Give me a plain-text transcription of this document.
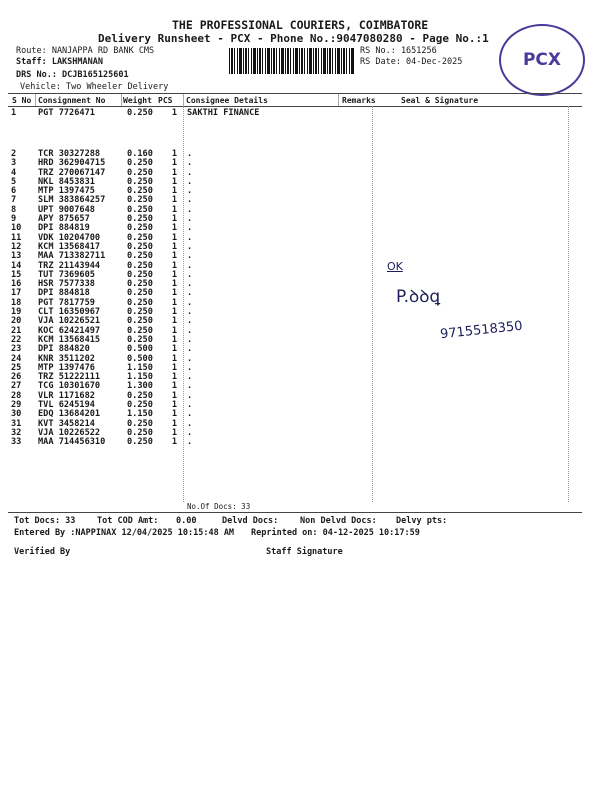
THE PROFESSIONAL COURIERS, COIMBATORE
Delivery Runsheet - PCX - Phone No.:9047080280 - Page No.:1
Route: NANJAPPA RD BANK CMS
Staff: LAKSHMANAN
DRS No.: DCJB165125601
Vehicle: Two Wheeler Delivery
RS No.: 1651256
RS Date: 04-Dec-2025	PCX
S No Consignment No Weight PCS Consignee Details	Remarks	Seal & Signature
1	PGT 7726471	0.250	1	SAKTHI FINANCE
2	TCR 30327288	0.160	1	.
3	HRD 362904715	0.250	1	.
4	TRZ 270067147	0.250	1	.
5	NKL 8453831	0.250	1	.
6	MTP 1397475	0.250	1	.
7	SLM 383864257	0.250	1	.
8	UPT 9007648	0.250	1	.
9	APY 875657	0.250	1	.
10	DPI 884819	0.250	1	.
11	VDK 10204700	0.250	1	.
12	KCM 13568417	0.250	1	.
13	MAA 713382711	0.250	1	.
14	TRZ 21143944	0.250	1	.
15	TUT 7369605	0.250	1	.
16	HSR 7577338	0.250	1	.
17	DPI 884818	0.250	1	.
18	PGT 7817759	0.250	1	.
19	CLT 16350967	0.250	1	.
20	VJA 10226521	0.250	1	.
21	KOC 62421497	0.250	1	.
22	KCM 13568415	0.250	1	.
23	DPI 884820	0.500	1	.
24	KNR 3511202	0.500	1	.
25	MTP 1397476	1.150	1	.
26	TRZ 51222111	1.150	1	.
27	TCG 10301670	1.300	1	.
28	VLR 1171682	0.250	1	.
29	TVL 6245194	0.250	1	.
30	EDQ 13684201	1.150	1	.
31	KVT 3458214	0.250	1	.
32	VJA 10226522	0.250	1	.
33	MAA 714456310	0.250	1	.
No.Of Docs: 33
OK
P.ꝺꝺꝗ
9715518350
Tot Docs: 33	Tot COD Amt: 0.00	Delvd Docs:	Non Delvd Docs: Delvy pts:
Entered By :NAPPINAX 12/04/2025 10:15:48 AM Reprinted on: 04-12-2025 10:17:59
Verified By	Staff Signature
